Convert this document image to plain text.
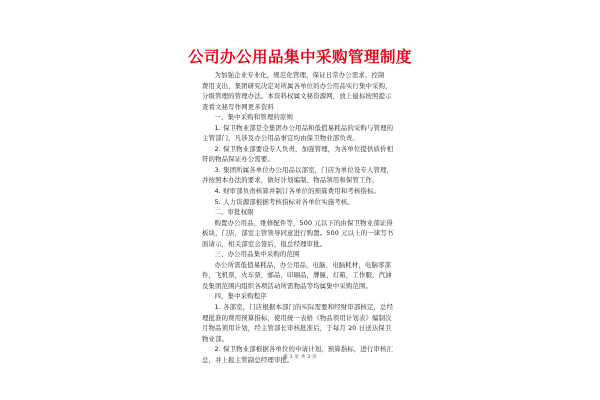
公司办公用品集中采购管理制度
为加强企业专业化，规范化管理，保证日常办公需求，控制
费用支出，集团研究决定对所属各单位的办公用品实行集中采购，
分级管理的管理办法。本资料权属文秘资源网，放上鼠标按照提示
查看文秘写作网更多资料
一、集中采购和管理的原则
1. 保卫物业部是全集团办公用品和低值易耗品的采购与管理的
主管部门，凡涉及办公用品事宜均由保卫物业部负责。
2. 保卫物业部要设专人负责，加强管理，为各单位提供质价相
符的物品保证办公需要。
3. 集团所属各单位办公用品以部室，门店为单位设专人管理，
并按照本办法的要求，做好计划编制、物品领用和保管工作，
4. 财审部负责核算并制订各单位的预算费用和考核指标。
5. 人力资源部根据考核指标对各单位实施考核。
二、审批权限
购置办公用品，维修配件等，500 元以下的由保卫物业部证得
板块，门店，部室主管领导同意进行购置。500 元以上的一律写书
面请示，相关部室会签后，报总经理审批。
三、办公用品集中采购的范围
办公所需低值易耗品，办公用品，电脑，电脑耗材，电脑零部
件，飞机票，火车票，邮品，印刷品，牌匾，灯箱，工作服，汽油
及集团范围内组织各项活动所需物品等均属集中采购范围。
四、集中采购程序
1. 各部室，门店根据本部门的实际需要和经财审部核定，总经
理批准的费用预算指标，使用统一表格《物品领用计划表》编制次
月物品领用计划，经主管部长审核批准后，于每月 20 日送达保卫
物业部。
2. 保卫物业部根据各单位的申请计划，预算指标，进行审核汇
总，并上报主管副总经理审批。
第 1 页 共 3 页
